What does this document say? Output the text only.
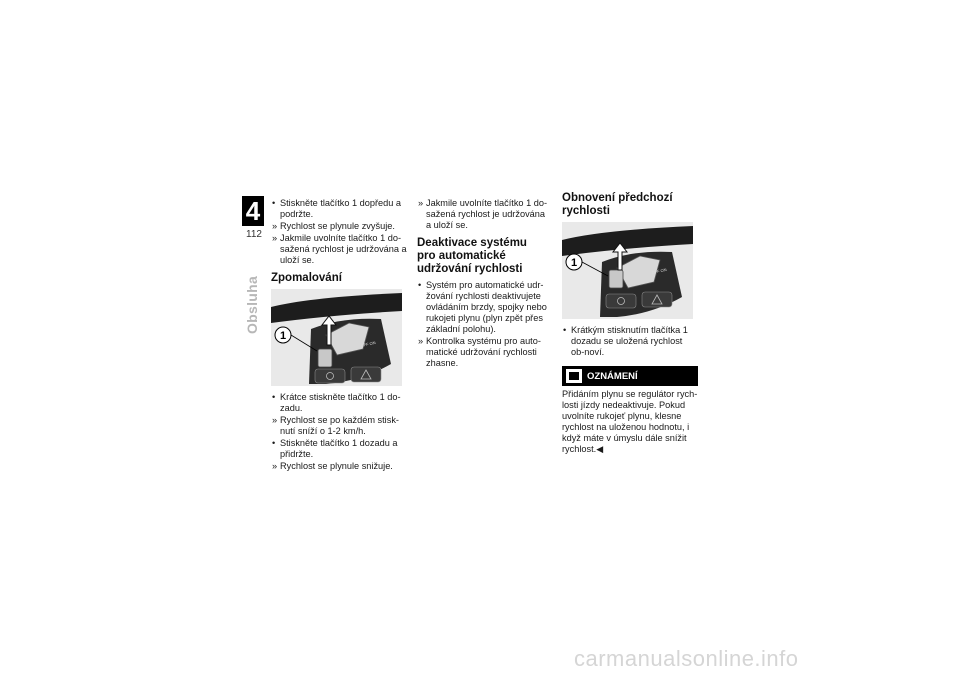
4
112
Obsluha

• Stiskněte tlačítko 1 dopředu a podržte.

» Rychlost se plynule zvyšuje.

» Jakmile uvolníte tlačítko 1 do-sažená rychlost je udržována a uloží se.

Zpomalování
1
OFF ON

• Krátce stiskněte tlačítko 1 do-zadu.

» Rychlost se po každém stisk-nutí sníží o 1-2 km/h.

• Stiskněte tlačítko 1 dozadu a přidržte.

» Rychlost se plynule snižuje.

» Jakmile uvolníte tlačítko 1 do-sažená rychlost je udržována a uloží se.

Deaktivace systému pro automatické udržování rychlosti

• Systém pro automatické udr-žování rychlosti deaktivujete ovládáním brzdy, spojky nebo rukojeti plynu (plyn zpět přes základní polohu).

» Kontrolka systému pro auto-matické udržování rychlosti zhasne.

Obnovení předchozí rychlosti
1
OFF ON

• Krátkým stisknutím tlačítka 1 dozadu se uložená rychlost ob-noví.

OZNÁMENÍ

Přidáním plynu se regulátor rych-losti jízdy nedeaktivuje. Pokud uvolníte rukojeť plynu, klesne rychlost na uloženou hodnotu, i když máte v úmyslu dále snížit rychlost.◀

carmanualsonline.info
